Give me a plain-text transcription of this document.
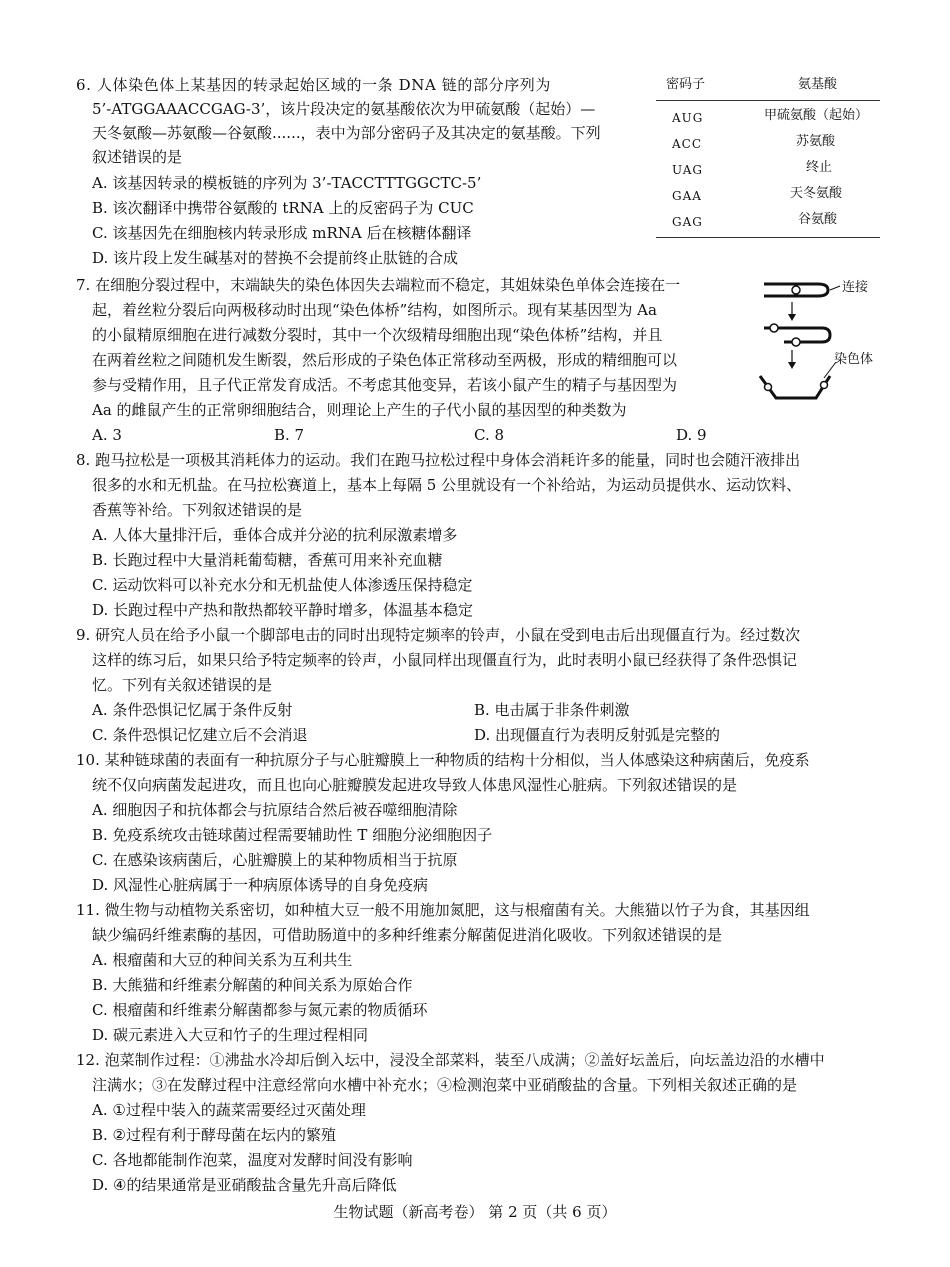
6. 人体染色体上某基因的转录起始区域的一条 DNA 链的部分序列为
5’-ATGGAAACCGAG-3’，该片段决定的氨基酸依次为甲硫氨酸（起始）—
天冬氨酸—苏氨酸—谷氨酸......，表中为部分密码子及其决定的氨基酸。下列
叙述错误的是
A. 该基因转录的模板链的序列为 3’-TACCTTTGGCTC-5’
B. 该次翻译中携带谷氨酸的 tRNA 上的反密码子为 CUC
C. 该基因先在细胞核内转录形成 mRNA 后在核糖体翻译
D. 该片段上发生碱基对的替换不会提前终止肽链的合成
密码子	氨基酸
AUG	甲硫氨酸（起始）
ACC	苏氨酸
UAG	终止
GAA	天冬氨酸
GAG	谷氨酸
7. 在细胞分裂过程中，末端缺失的染色体因失去端粒而不稳定，其姐妹染色单体会连接在一
起，着丝粒分裂后向两极移动时出现“染色体桥”结构，如图所示。现有某基因型为 Aa
的小鼠精原细胞在进行减数分裂时，其中一个次级精母细胞出现“染色体桥”结构，并且
在两着丝粒之间随机发生断裂，然后形成的子染色体正常移动至两极，形成的精细胞可以
参与受精作用，且子代正常发育成活。不考虑其他变异，若该小鼠产生的精子与基因型为
Aa 的雌鼠产生的正常卵细胞结合，则理论上产生的子代小鼠的基因型的种类数为
A. 3	B. 7	C. 8	D. 9
连接
染色体
8. 跑马拉松是一项极其消耗体力的运动。我们在跑马拉松过程中身体会消耗许多的能量，同时也会随汗液排出
很多的水和无机盐。在马拉松赛道上，基本上每隔 5 公里就设有一个补给站，为运动员提供水、运动饮料、
香蕉等补给。下列叙述错误的是
A. 人体大量排汗后，垂体合成并分泌的抗利尿激素增多
B. 长跑过程中大量消耗葡萄糖，香蕉可用来补充血糖
C. 运动饮料可以补充水分和无机盐使人体渗透压保持稳定
D. 长跑过程中产热和散热都较平静时增多，体温基本稳定
9. 研究人员在给予小鼠一个脚部电击的同时出现特定频率的铃声，小鼠在受到电击后出现僵直行为。经过数次
这样的练习后，如果只给予特定频率的铃声，小鼠同样出现僵直行为，此时表明小鼠已经获得了条件恐惧记
忆。下列有关叙述错误的是
A. 条件恐惧记忆属于条件反射	B. 电击属于非条件刺激
C. 条件恐惧记忆建立后不会消退	D. 出现僵直行为表明反射弧是完整的
10. 某种链球菌的表面有一种抗原分子与心脏瓣膜上一种物质的结构十分相似，当人体感染这种病菌后，免疫系
统不仅向病菌发起进攻，而且也向心脏瓣膜发起进攻导致人体患风湿性心脏病。下列叙述错误的是
A. 细胞因子和抗体都会与抗原结合然后被吞噬细胞清除
B. 免疫系统攻击链球菌过程需要辅助性 T 细胞分泌细胞因子
C. 在感染该病菌后，心脏瓣膜上的某种物质相当于抗原
D. 风湿性心脏病属于一种病原体诱导的自身免疫病
11. 微生物与动植物关系密切，如种植大豆一般不用施加氮肥，这与根瘤菌有关。大熊猫以竹子为食，其基因组
缺少编码纤维素酶的基因，可借助肠道中的多种纤维素分解菌促进消化吸收。下列叙述错误的是
A. 根瘤菌和大豆的种间关系为互利共生
B. 大熊猫和纤维素分解菌的种间关系为原始合作
C. 根瘤菌和纤维素分解菌都参与氮元素的物质循环
D. 碳元素进入大豆和竹子的生理过程相同
12. 泡菜制作过程：①沸盐水冷却后倒入坛中，浸没全部菜料，装至八成满；②盖好坛盖后，向坛盖边沿的水槽中
注满水；③在发酵过程中注意经常向水槽中补充水；④检测泡菜中亚硝酸盐的含量。下列相关叙述正确的是
A. ①过程中装入的蔬菜需要经过灭菌处理
B. ②过程有利于酵母菌在坛内的繁殖
C. 各地都能制作泡菜，温度对发酵时间没有影响
D. ④的结果通常是亚硝酸盐含量先升高后降低
生物试题（新高考卷） 第 2 页（共 6 页）
